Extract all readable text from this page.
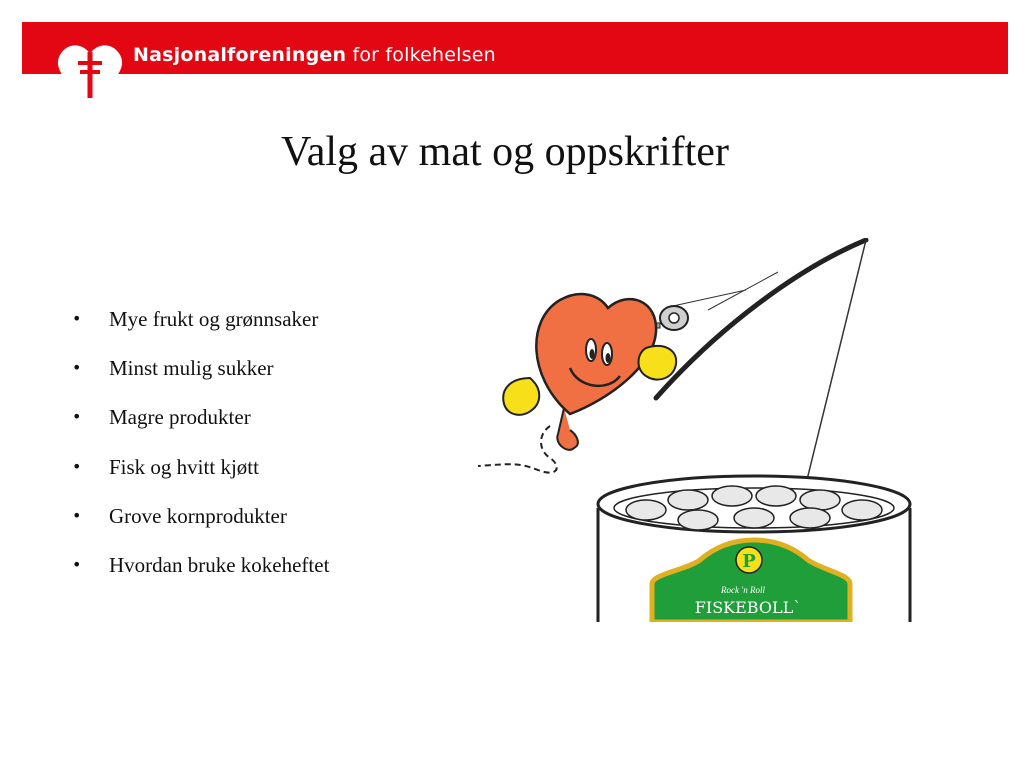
Nasjonalforeningen for folkehelsen
Valg av mat og oppskrifter
• Mye frukt og grønnsaker
• Minst mulig sukker
• Magre produkter
• Fisk og hvitt kjøtt
• Grove kornprodukter
• Hvordan bruke kokeheftet	P
Rock 'n Roll
FISKEBOLL`
